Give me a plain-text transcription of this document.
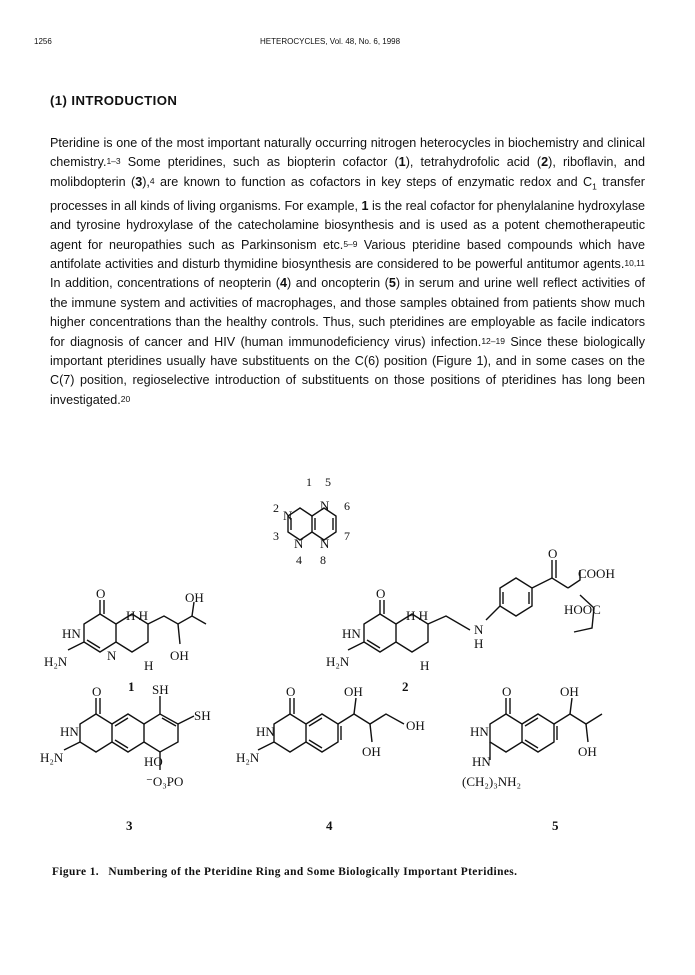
1256	HETEROCYCLES, Vol. 48, No. 6, 1998
(1) INTRODUCTION

Pteridine is one of the most important naturally occurring nitrogen heterocycles in biochemistry and clinical chemistry.$^{1-3}$ Some pteridines, such as biopterin cofactor (1), tetrahydrofolic acid (2), riboflavin, and molibdopterin (3),$^4$ are known to function as cofactors in key steps of enzymatic redox and $C_1$ transfer processes in all kinds of living organisms. For example, 1 is the real cofactor for phenylalanine hydroxylase and tyrosine hydroxylase of the catecholamine biosynthesis and is used as a potent chemotherapeutic agent for neuropathies such as Parkinsonism etc.$^{5-9}$ Various pteridine based compounds which have antifolate activities and disturb thymidine biosynthesis are considered to be powerful antitumor agents.$^{10,11}$ In addition, concentrations of neopterin (4) and oncopterin (5) in serum and urine well reflect activities of the immune system and activities of macrophages, and those samples obtained from patients show much higher concentrations than the healthy controls. Thus, such pteridines are employable as facile indicators for diagnosis of cancer and HIV (human immunodeficiency virus) infection.$^{12-19}$ Since these biologically important pteridines usually have substituents on the C(6) position (Figure 1), and in some cases on the C(7) position, regioselective introduction of substituents on those positions of pteridines has long been investigated.$^{20}$

1 5
2	6
3	7
4 8
N
N
N N
O
HN
H₂N	N
H H
OH
OH
H
1
O
HN
H₂N
H H
N
H
O
COOH
HOOC
H
2
O
HN
H₂N
SH
SH
HO
⁻O₃PO
3
O
HN
H₂N
OH
OH
OH
4
O
HN
HN
(CH₂)₃NH₂
OH
OH
5
Figure 1. Numbering of the Pteridine Ring and Some Biologically Important Pteridines.
